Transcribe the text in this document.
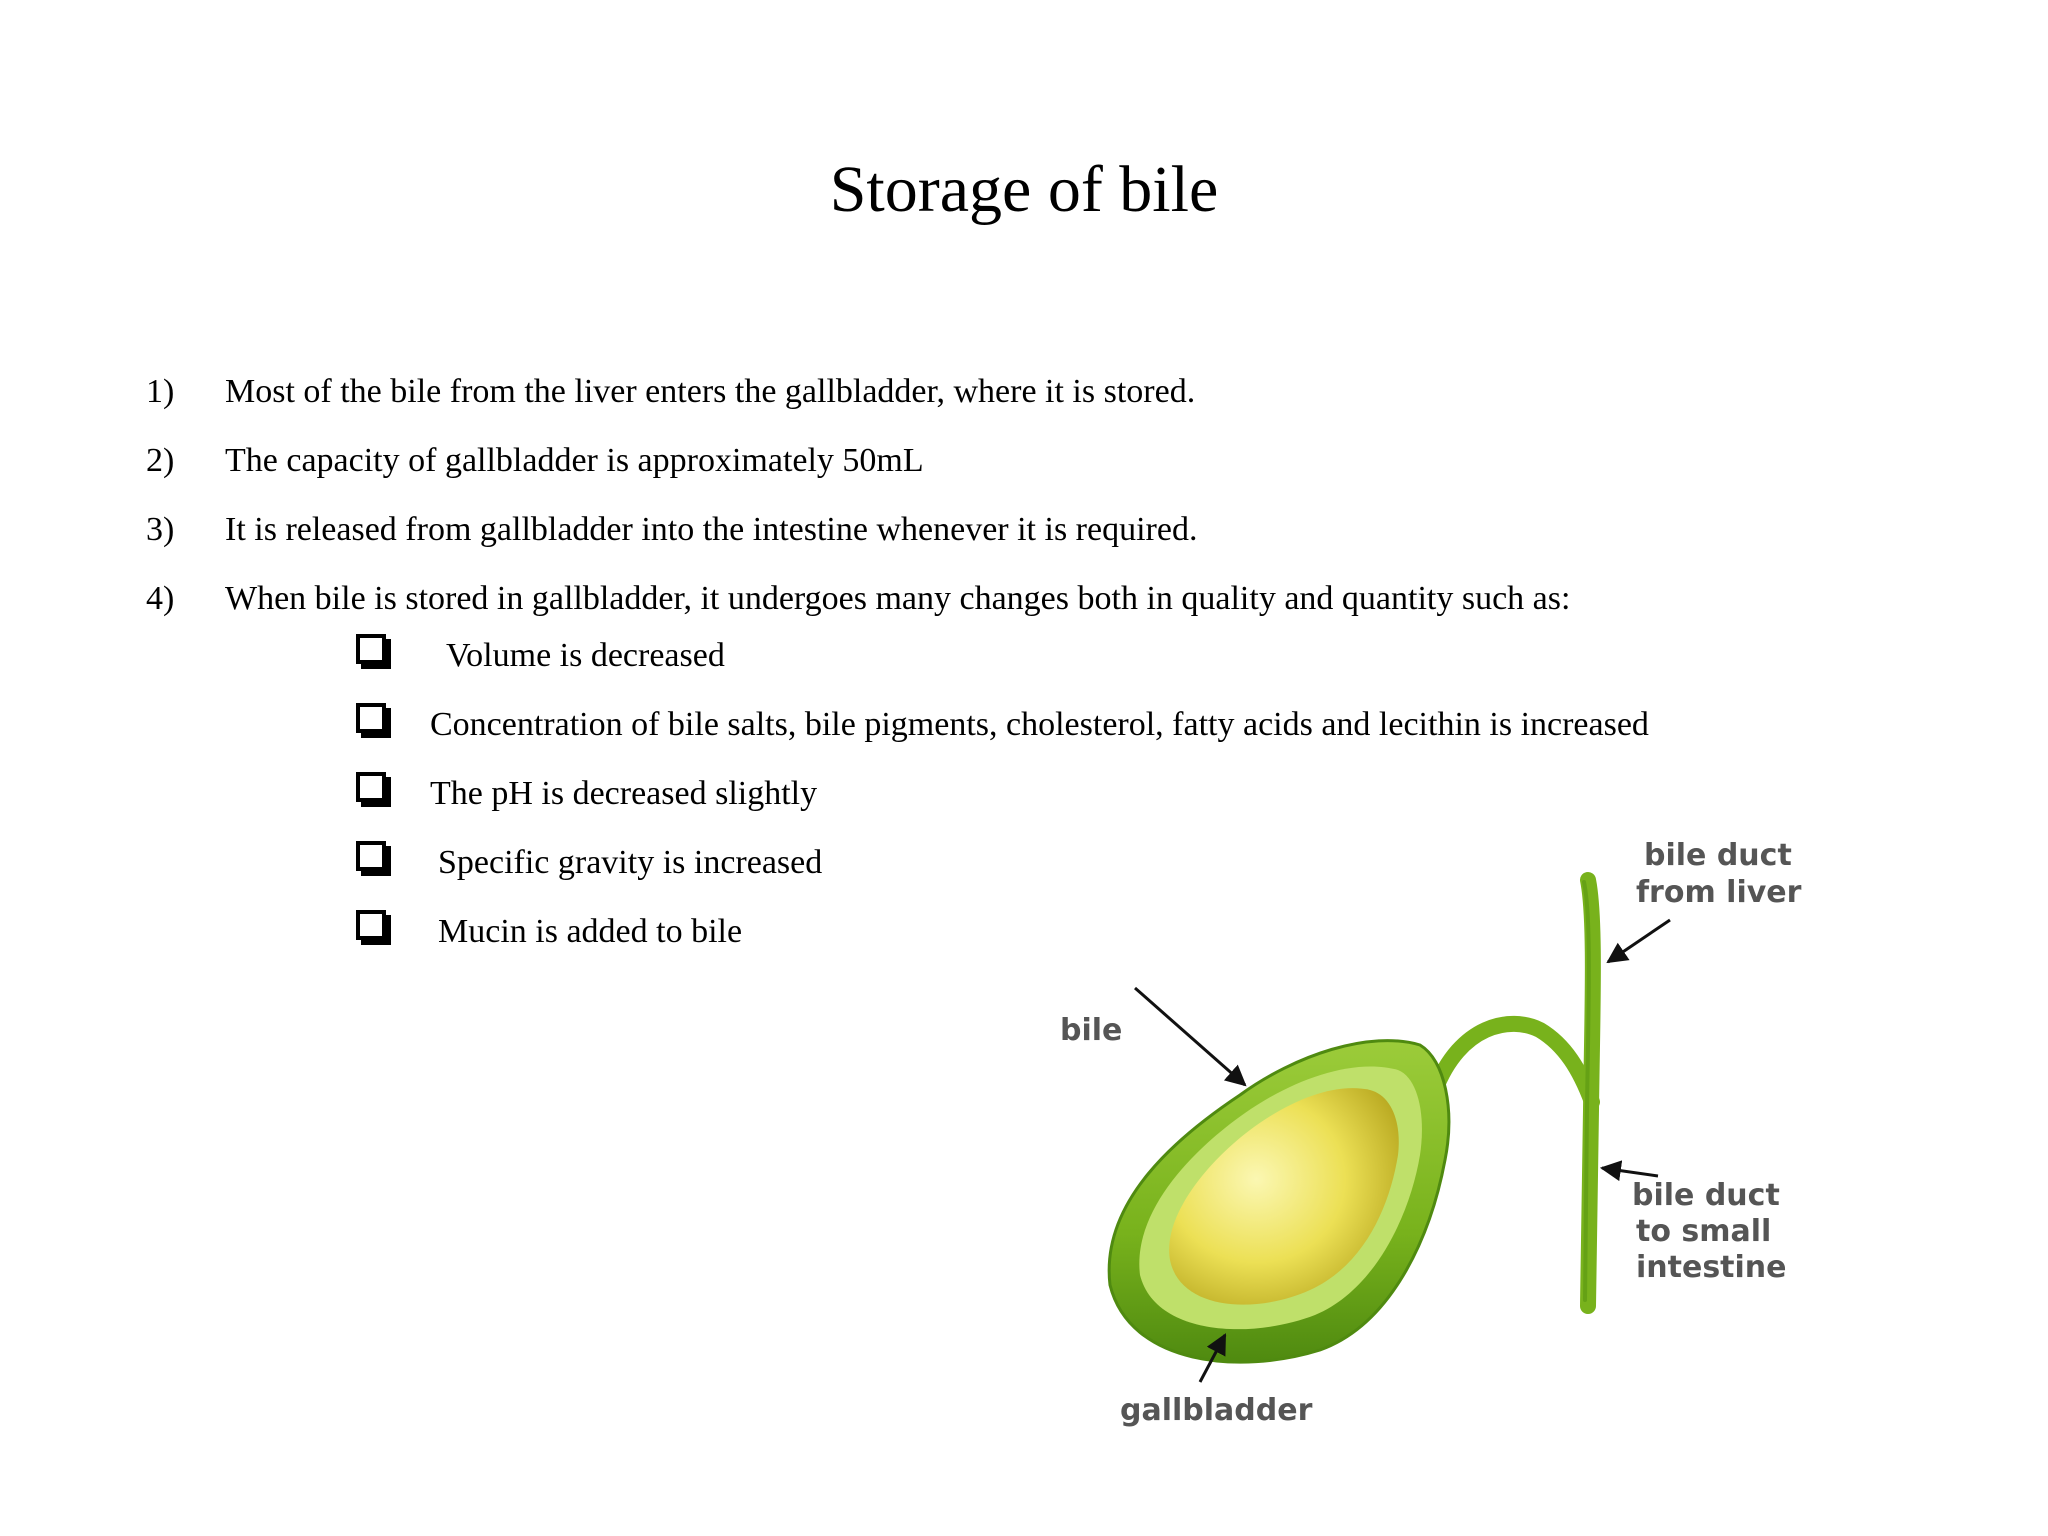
Storage of bile
1) Most of the bile from the liver enters the gallbladder, where it is stored.
2) The capacity of gallbladder is approximately 50mL
3) It is released from gallbladder into the intestine whenever it is required.
4) When bile is stored in gallbladder, it undergoes many changes both in quality and quantity such as:
Volume is decreased
Concentration of bile salts, bile pigments, cholesterol, fatty acids and lecithin is increased
The pH is decreased slightly
Specific gravity is increased
Mucin is added to bile
bile
gallbladder
bile duct
from liver
bile duct
to small
intestine
